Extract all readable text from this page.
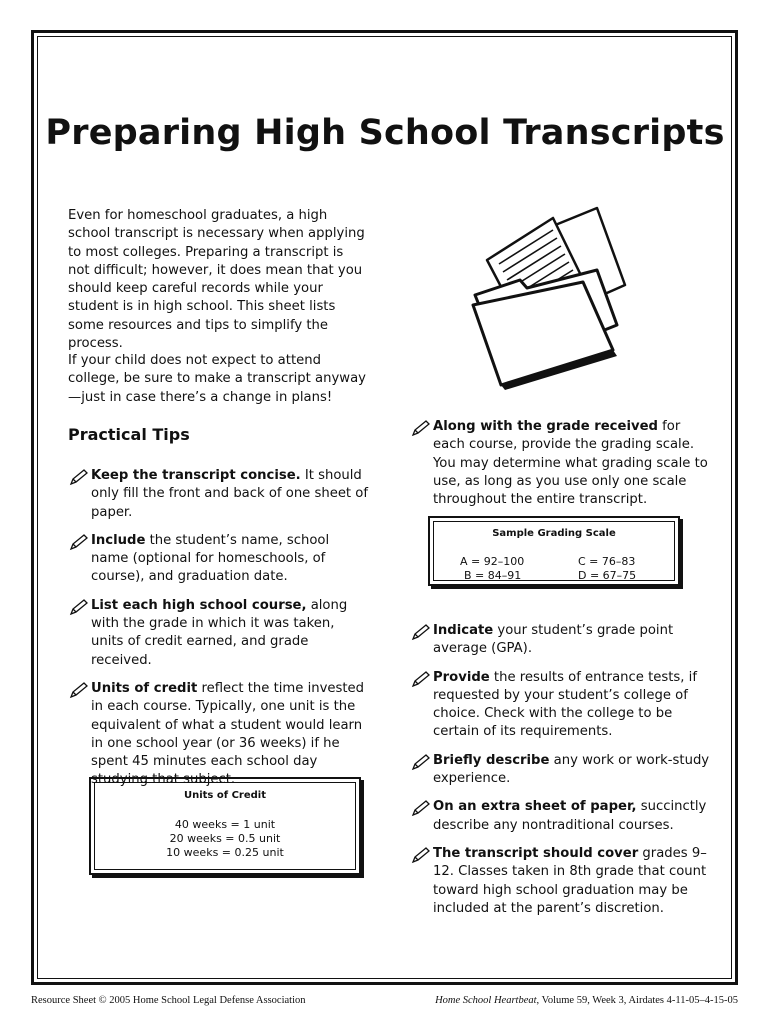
Preparing High School Transcripts

Even for homeschool graduates, a high school transcript is necessary when applying to most colleges. Preparing a transcript is not difficult; however, it does mean that you should keep careful records while your student is in high school. This sheet lists some resources and tips to simplify the process.

If your child does not expect to attend college, be sure to make a transcript anyway—just in case there’s a change in plans!

Practical Tips
Keep the transcript concise. It should only fill the front and back of one sheet of paper.
Include the student’s name, school name (optional for homeschools, of course), and graduation date.
List each high school course, along with the grade in which it was taken, units of credit earned, and grade received.
Units of credit reflect the time invested in each course. Typically, one unit is the equivalent of what a student would learn in one school year (or 36 weeks) if he spent 45 minutes each school day studying that subject.

Units of Credit

40 weeks = 1 unit

20 weeks = 0.5 unit

10 weeks = 0.25 unit

Along with the grade received for each course, provide the grading scale. You may determine what grading scale to use, as long as you use only one scale throughout the entire transcript.

Sample Grading Scale

A = 92–100

B = 84–91

C = 76–83

D = 67–75

Indicate your student’s grade point average (GPA).
Provide the results of entrance tests, if requested by your student’s college of choice. Check with the college to be certain of its requirements.
Briefly describe any work or work-study experience.
On an extra sheet of paper, succinctly describe any nontraditional courses.
The transcript should cover grades 9–12. Classes taken in 8th grade that count toward high school graduation may be included at the parent’s discretion.

Resource Sheet © 2005 Home School Legal Defense Association	Home School Heartbeat, Volume 59, Week 3, Airdates 4-11-05–4-15-05
